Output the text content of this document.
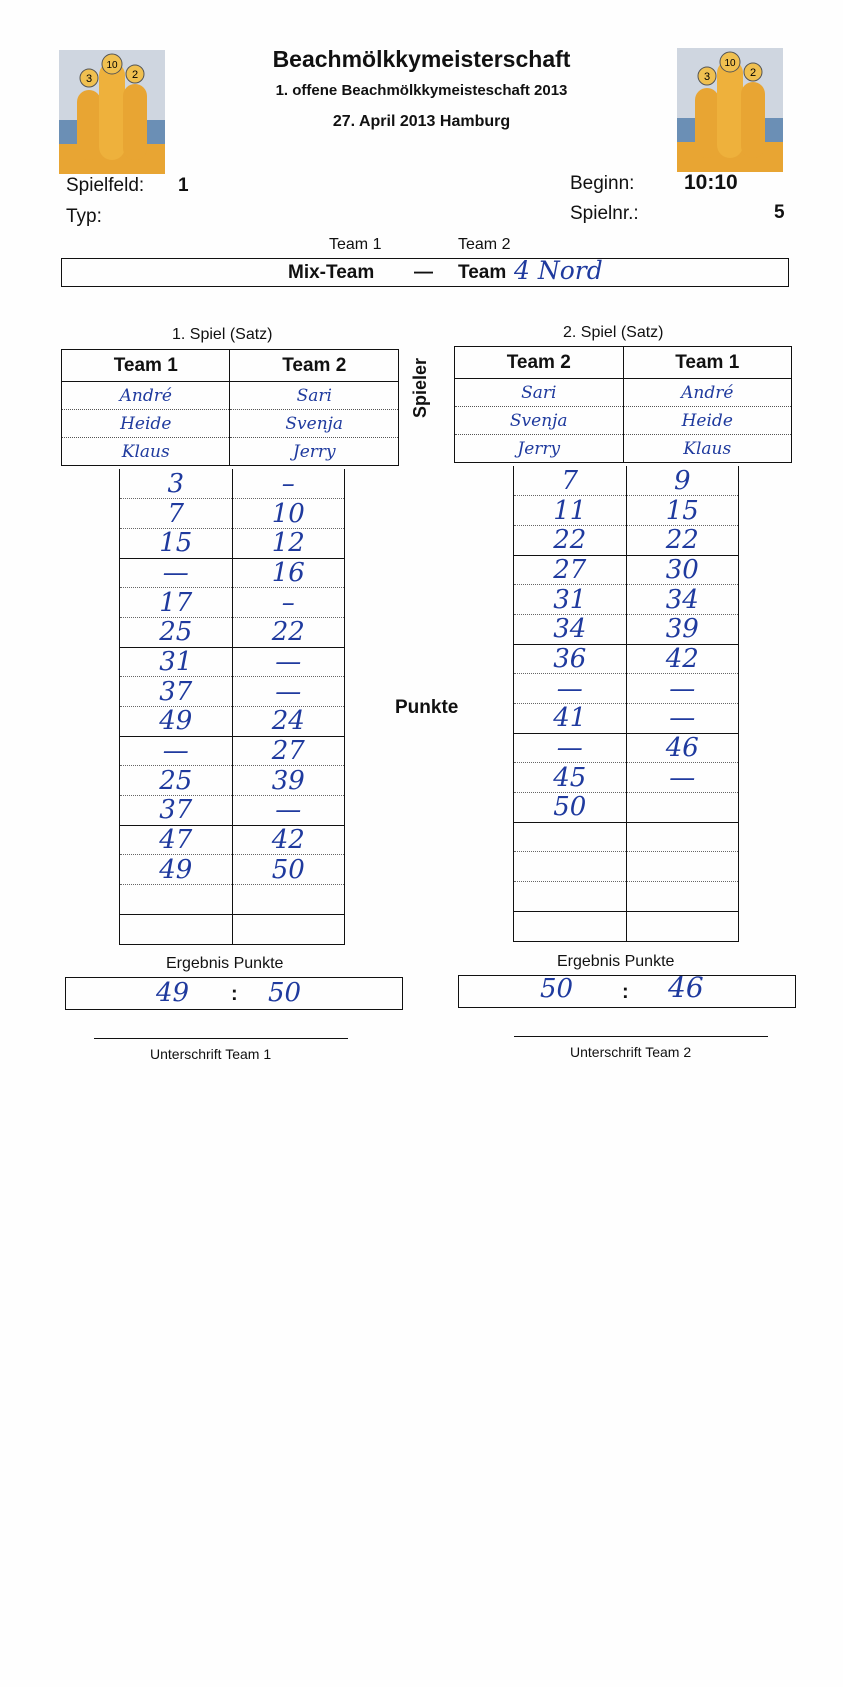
3
10
2	3
10
2
Beachmölkkymeisterschaft
1. offene Beachmölkkymeisteschaft 2013
27. April 2013 Hamburg
Spielfeld: 1
Typ:
Beginn: 10:10
Spielnr.:	5
Team 1	Team 2
Mix-Team — Team 4 Nord
1. Spiel (Satz)	2. Spiel (Satz)
Spieler
Punkte
Team 1	Team 2
André	Sari
Heide	Svenja
Klaus	Jerry
3	–
7	10
15	12
—	16
17	–
25	22
31	—
37	—
49	24
—	27
25	39
37	—
47	42
49	50

Team 2	Team 1
Sari	André
Svenja	Heide
Jerry	Klaus
7	9
11	15
22	22
27	30
31	34
34	39
36	42
—	—
41	—
—	46
45	—
50	

Ergebnis Punkte
49 : 50
Ergebnis Punkte
50 : 46
Unterschrift Team 1	Unterschrift Team 2
